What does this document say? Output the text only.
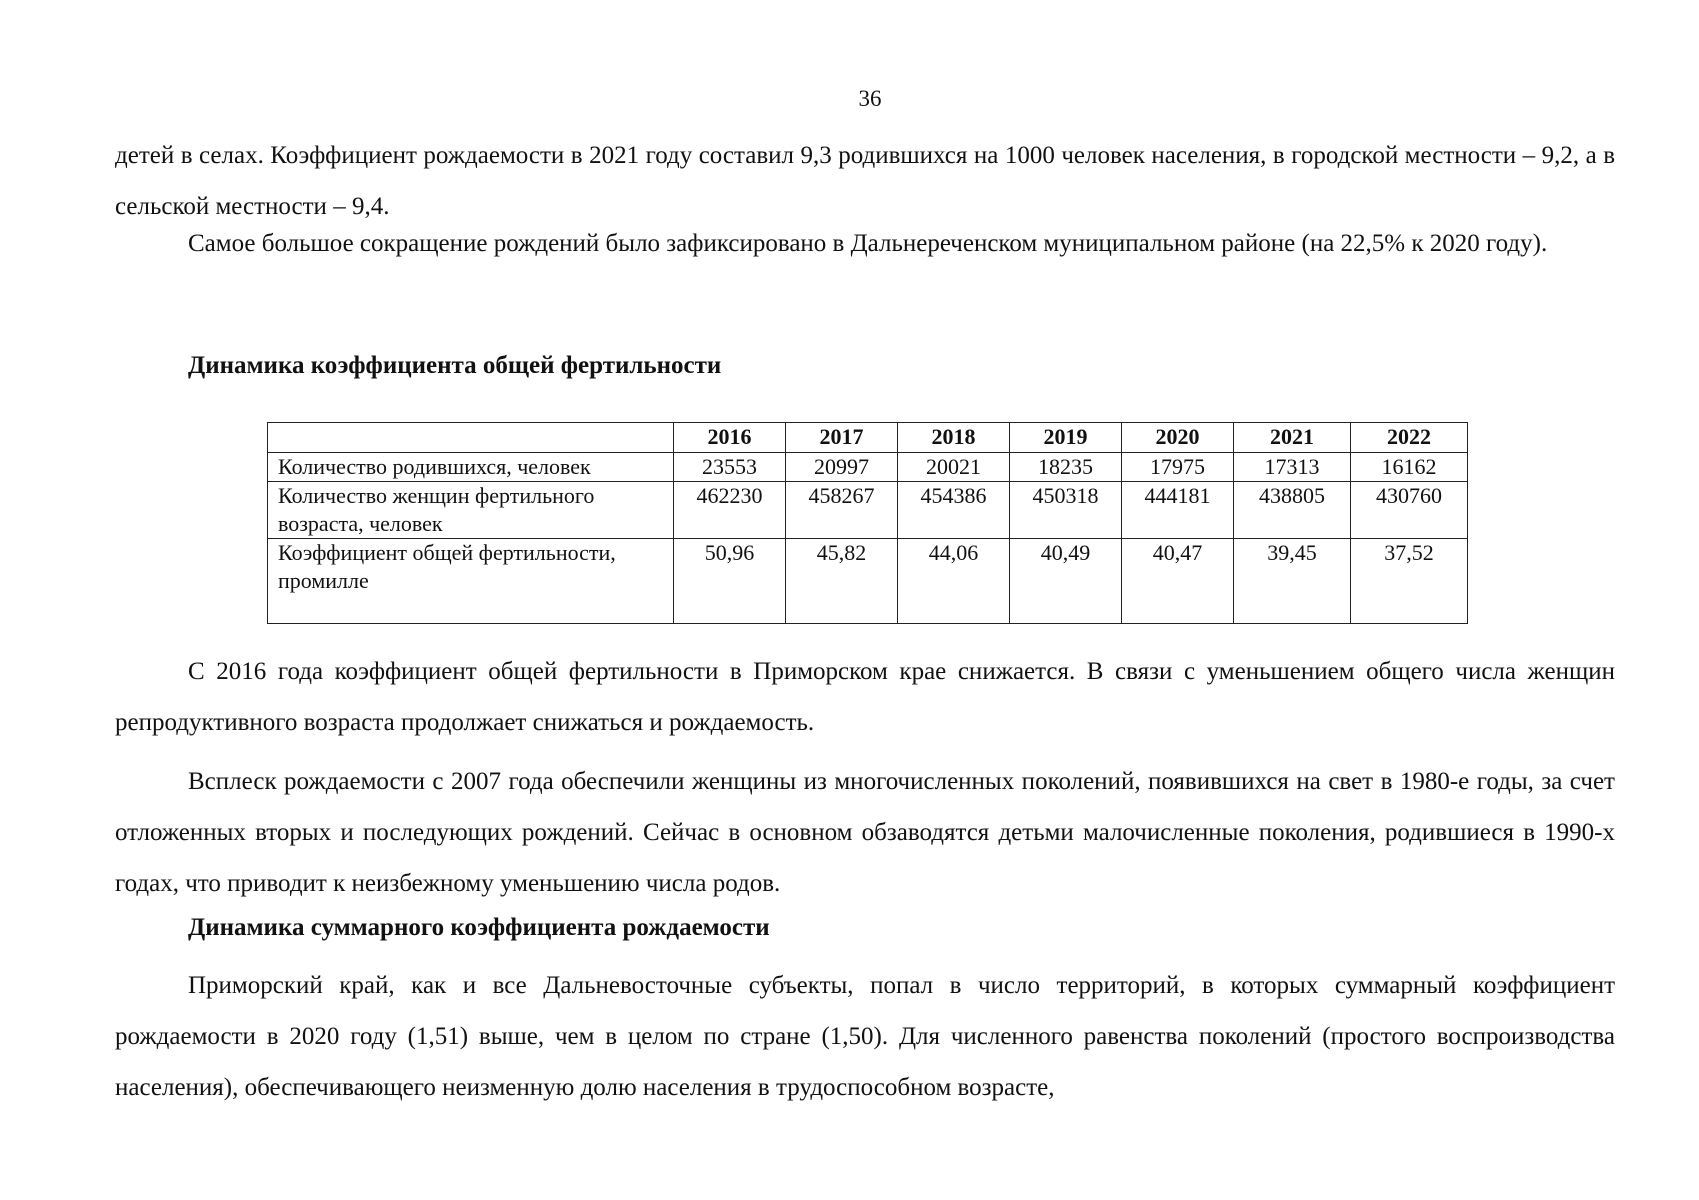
36

детей в селах. Коэффициент рождаемости в 2021 году составил 9,3 родившихся на 1000 человек населения, в городской местности – 9,2, а в сельской местности – 9,4.

Самое большое сокращение рождений было зафиксировано в Дальнереченском муниципальном районе (на 22,5% к 2020 году).

Динамика коэффициента общей фертильности

	2016	2017	2018	2019	2020	2021	2022
Количество родившихся, человек	23553	20997	20021	18235	17975	17313	16162
Количество женщин фертильного возраста, человек	462230	458267	454386	450318	444181	438805	430760
Коэффициент общей фертильности, промилле	50,96	45,82	44,06	40,49	40,47	39,45	37,52

С 2016 года коэффициент общей фертильности в Приморском крае снижается. В связи с уменьшением общего числа женщин репродуктивного возраста продолжает снижаться и рождаемость.

Всплеск рождаемости с 2007 года обеспечили женщины из многочисленных поколений, появившихся на свет в 1980-е годы, за счет отложенных вторых и последующих рождений. Сейчас в основном обзаводятся детьми малочисленные поколения, родившиеся в 1990-х годах, что приводит к неизбежному уменьшению числа родов.

Динамика суммарного коэффициента рождаемости

Приморский край, как и все Дальневосточные субъекты, попал в число территорий, в которых суммарный коэффициент рождаемости в 2020 году (1,51) выше, чем в целом по стране (1,50). Для численного равенства поколений (простого воспроизводства населения), обеспечивающего неизменную долю населения в трудоспособном возрасте,
